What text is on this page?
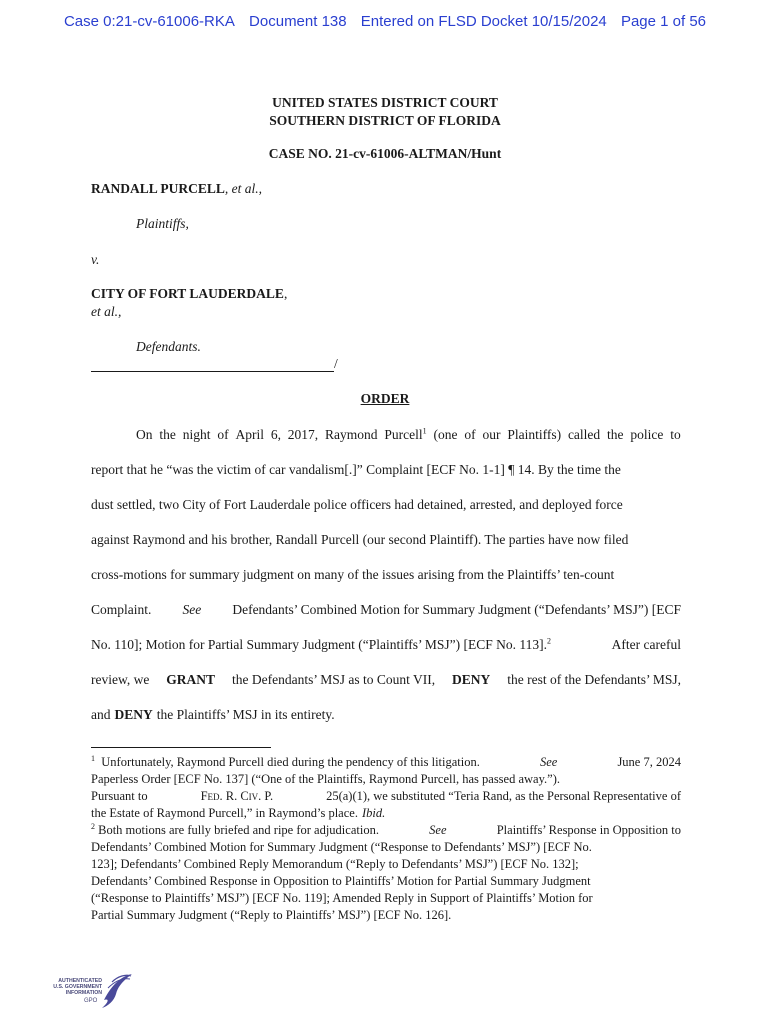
Case 0:21-cv-61006-RKA Document 138 Entered on FLSD Docket 10/15/2024 Page 1 of 56
UNITED STATES DISTRICT COURT
SOUTHERN DISTRICT OF FLORIDA
CASE NO. 21-cv-61006-ALTMAN/Hunt
RANDALL PURCELL, et al.,
Plaintiffs,
v.
CITY OF FORT LAUDERDALE,
et al.,
Defendants.
/
ORDER
On the night of April 6, 2017, Raymond Purcell$^1$ (one of our Plaintiffs) called the police to
report that he “was the victim of car vandalism[.]” Complaint [ECF No. 1-1] ¶ 14. By the time the
dust settled, two City of Fort Lauderdale police officers had detained, arrested, and deployed force
against Raymond and his brother, Randall Purcell (our second Plaintiff). The parties have now filed
cross-motions for summary judgment on many of the issues arising from the Plaintiffs’ ten-count
Complaint. See Defendants’ Combined Motion for Summary Judgment (“Defendants’ MSJ”) [ECF
No. 110]; Motion for Partial Summary Judgment (“Plaintiffs’ MSJ”) [ECF No. 113].$^2$	After careful
review, we GRANT the Defendants’ MSJ as to Count VII, DENY the rest of the Defendants’ MSJ,
and DENY the Plaintiffs’ MSJ in its entirety.
$^1$ Unfortunately, Raymond Purcell died during the pendency of this litigation.	See	June 7, 2024
Paperless Order [ECF No. 137] (“One of the Plaintiffs, Raymond Purcell, has passed away.”).
Pursuant to	Fed. R. Civ. P.	25(a)(1), we substituted “Teria Rand, as the Personal Representative of
the Estate of Raymond Purcell,” in Raymond’s place. Ibid.
$^2$ Both motions are fully briefed and ripe for adjudication.	See	Plaintiffs’ Response in Opposition to
Defendants’ Combined Motion for Summary Judgment (“Response to Defendants’ MSJ”) [ECF No.
123]; Defendants’ Combined Reply Memorandum (“Reply to Defendants’ MSJ”) [ECF No. 132];
Defendants’ Combined Response in Opposition to Plaintiffs’ Motion for Partial Summary Judgment
(“Response to Plaintiffs’ MSJ”) [ECF No. 119]; Amended Reply in Support of Plaintiffs’ Motion for
Partial Summary Judgment (“Reply to Plaintiffs’ MSJ”) [ECF No. 126].
AUTHENTICATED
U.S. GOVERNMENT
INFORMATION
GPO
